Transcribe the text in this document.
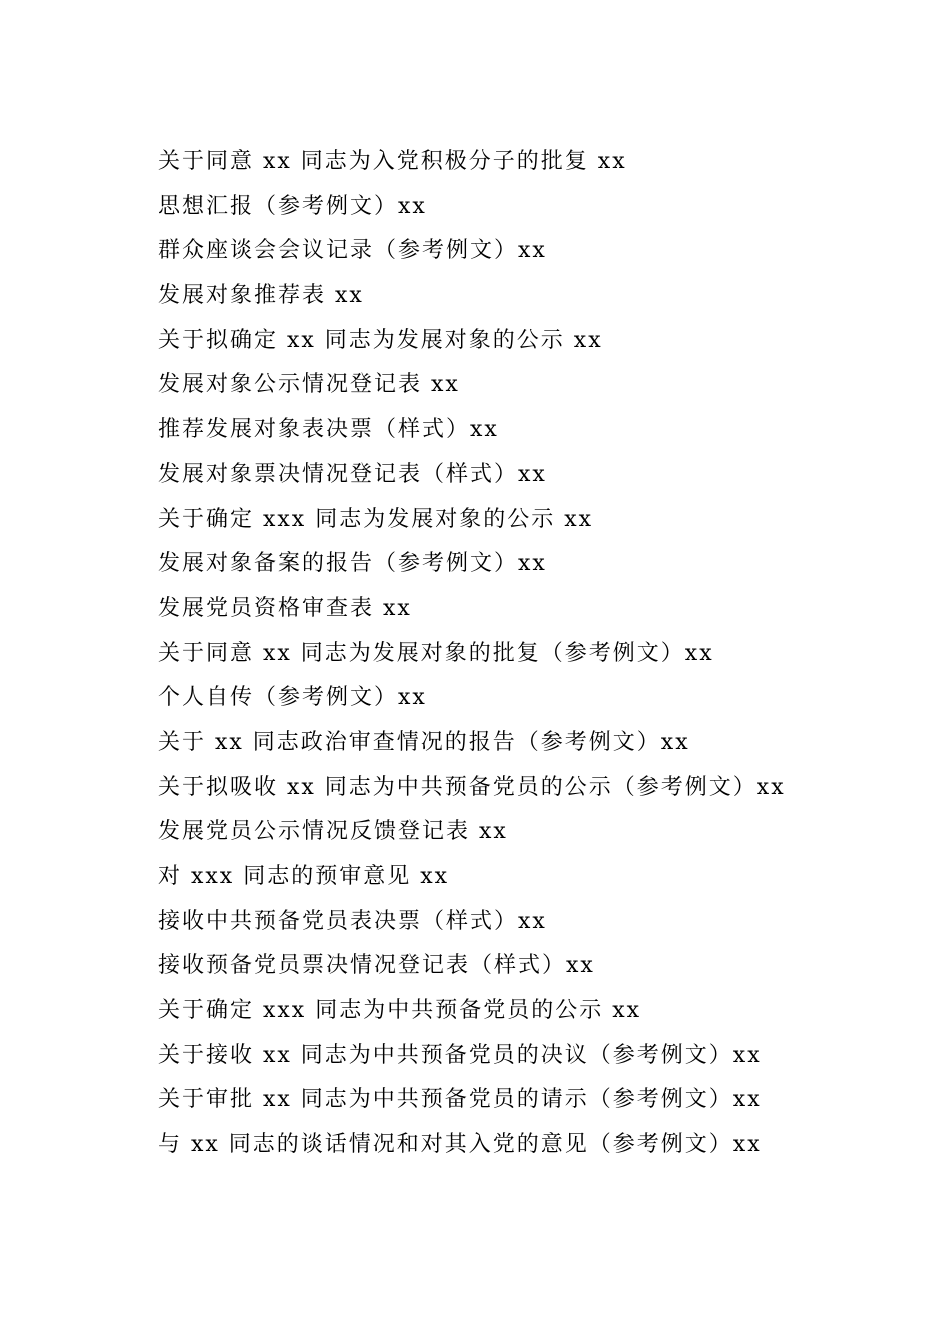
关于同意 xx 同志为入党积极分子的批复 xx
思想汇报（参考例文）xx
群众座谈会会议记录（参考例文）xx
发展对象推荐表 xx
关于拟确定 xx 同志为发展对象的公示 xx
发展对象公示情况登记表 xx
推荐发展对象表决票（样式）xx
发展对象票决情况登记表（样式）xx
关于确定 xxx 同志为发展对象的公示 xx
发展对象备案的报告（参考例文）xx
发展党员资格审查表 xx
关于同意 xx 同志为发展对象的批复（参考例文）xx
个人自传（参考例文）xx
关于 xx 同志政治审查情况的报告（参考例文）xx
关于拟吸收 xx 同志为中共预备党员的公示（参考例文）xx
发展党员公示情况反馈登记表 xx
对 xxx 同志的预审意见 xx
接收中共预备党员表决票（样式）xx
接收预备党员票决情况登记表（样式）xx
关于确定 xxx 同志为中共预备党员的公示 xx
关于接收 xx 同志为中共预备党员的决议（参考例文）xx
关于审批 xx 同志为中共预备党员的请示（参考例文）xx
与 xx 同志的谈话情况和对其入党的意见（参考例文）xx
